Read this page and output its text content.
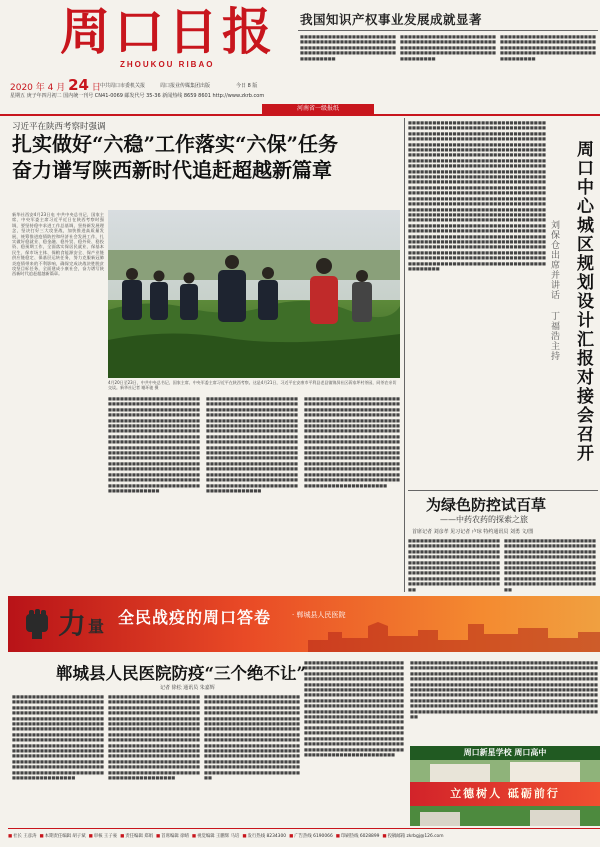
周口日报
ZHOUKOU RIBAO
2020 年 4 月 24 日 中共周口市委机关报	周口报业传媒集团出版	今日 8 版
星期五 庚子年四月初二 国内统一刊号 CN41-0069 邮发代号 35-36 新闻热线 8659 8601 http://www.zkrb.com
河南省一级报纸
我国知识产权事业发展成就显著
■■■■■■■■■■■■■■■■■■■■■■■■■■■■■■■■■■■■■■■■■■■■■■■■■■■■■■■■■■■■■■■■■■■■■■■■■■■■■■■■■■■■■■■■■■■■■■■■■■■■■■■■■
■■■■■■■■■■■■■■■■■■■■■■■■■■■■■■■■■■■■■■■■■■■■■■■■■■■■■■■■■■■■■■■■■■■■■■■■■■■■■■■■■■■■■■■■■■■■■■■■■■■■■■■■■
■■■■■■■■■■■■■■■■■■■■■■■■■■■■■■■■■■■■■■■■■■■■■■■■■■■■■■■■■■■■■■■■■■■■■■■■■■■■■■■■■■■■■■■■■■■■■■■■■■■■■■■■■
习近平在陕西考察时强调
扎实做好“六稳”工作落实“六保”任务
奋力谱写陕西新时代追赶超越新篇章
新华社西安4月23日电 中共中央总书记、国家主席、中央军委主席习近平近日在陕西考察时强调，要坚持稳中求进工作总基调，坚持新发展理念，坚决打好三大攻坚战，加快推进高质量发展，统筹推进疫情防控和经济社会发展工作，扎实做好稳就业、稳金融、稳外贸、稳外资、稳投资、稳预期工作，全面落实保居民就业、保基本民生、保市场主体、保粮食能源安全、保产业链供应链稳定、保基层运转任务，努力克服新冠肺炎疫情带来的不利影响，确保完成决战决胜脱贫攻坚目标任务，全面建成小康社会，奋力谱写陕西新时代追赶超越新篇章。
4月20日至23日，中共中央总书记、国家主席、中央军委主席习近平在陕西考察。这是4月21日，习近平在安康市平利县老县镇锦屏社区蒋家坪村茶园，同茶农亲切交谈。新华社记者 谢环驰 摄
■■■■■■■■■■■■■■■■■■■■■■■■■■■■■■■■■■■■■■■■■■■■■■■■■■■■■■■■■■■■■■■■■■■■■■■■■■■■■■■■■■■■■■■■■■■■■■■■■■■■■■■■■■■■■■■■■■■■■■■■■■■■■■■■■■■■■■■■■■■■■■■■■■■■■■■■■■■■■■■■■■■■■■■■■■■■■■■■■■■■■■■■■■■■■■■■■■■■■■■■■■■■■■■■■■■■■■■■■■■■■■■■■■■■■■■■■■■■■■■■■■■■■■■■■■■■■■■■■■■■■■■■■■■■■■■■■■■■■■■■■■■■■■■■■■■■■■■■■■■■■■■■■■■■■■■■■■■■■■■■■■■■■■■■■■■■■■■■■■■■■■■■■■■■■■■■■■■■■■■■■■■■■■■■■■■■■■■■■■■■■■■■■■■■■■■■■■■■■■■■■■■■
■■■■■■■■■■■■■■■■■■■■■■■■■■■■■■■■■■■■■■■■■■■■■■■■■■■■■■■■■■■■■■■■■■■■■■■■■■■■■■■■■■■■■■■■■■■■■■■■■■■■■■■■■■■■■■■■■■■■■■■■■■■■■■■■■■■■■■■■■■■■■■■■■■■■■■■■■■■■■■■■■■■■■■■■■■■■■■■■■■■■■■■■■■■■■■■■■■■■■■■■■■■■■■■■■■■■■■■■■■■■■■■■■■■■■■■■■■■■■■■■■■■■■■■■■■■■■■■■■■■■■■■■■■■■■■■■■■■■■■■■■■■■■■■■■■■■■■■■■■■■■■■■■■■■■■■■■■■■■■■■■■■■■■■■■■■■■■■■■■■■■■■■■■■■■■■■■■■■■■■■■■■■■■■■■■■■■■■■■■■■■■■■■■■■■■■■■■■■■■■■■■■■■
■■■■■■■■■■■■■■■■■■■■■■■■■■■■■■■■■■■■■■■■■■■■■■■■■■■■■■■■■■■■■■■■■■■■■■■■■■■■■■■■■■■■■■■■■■■■■■■■■■■■■■■■■■■■■■■■■■■■■■■■■■■■■■■■■■■■■■■■■■■■■■■■■■■■■■■■■■■■■■■■■■■■■■■■■■■■■■■■■■■■■■■■■■■■■■■■■■■■■■■■■■■■■■■■■■■■■■■■■■■■■■■■■■■■■■■■■■■■■■■■■■■■■■■■■■■■■■■■■■■■■■■■■■■■■■■■■■■■■■■■■■■■■■■■■■■■■■■■■■■■■■■■■■■■■■■■■■■■■■■■■■■■■■■■■■■■■■■■■■■■■■■■■■■■■■■■■■■■■■■■■■■■■■■■■■■■■■■■■■■■■■■■■■■■■■■■■■■■■■■■■■■■■
■■■■■■■■■■■■■■■■■■■■■■■■■■■■■■■■■■■■■■■■■■■■■■■■■■■■■■■■■■■■■■■■■■■■■■■■■■■■■■■■■■■■■■■■■■■■■■■■■■■■■■■■■■■■■■■■■■■■■■■■■■■■■■■■■■■■■■■■■■■■■■■■■■■■■■■■■■■■■■■■■■■■■■■■■■■■■■■■■■■■■■■■■■■■■■■■■■■■■■■■■■■■■■■■■■■■■■■■■■■■■■■■■■■■■■■■■■■■■■■■■■■■■■■■■■■■■■■■■■■■■■■■■■■■■■■■■■■■■■■■■■■■■■■■■■■■■■■■■■■■■■■■■■■■■■■■■■■■■■■■■■■■■■■■■■■■■■■■■■■■■■■■■■■■■■■■■■■■■■■■■■■■■■■■■■■■■■■■■■■■■■■■■■■■■■■■■■■■■■■■■■■■■■■■■■■■■■■■■■■■■■■■■■■■■■■■■■■■■■■■■■■■■■■■■■■■■■■■■■■■■■■■■■■■■■■■■■■■■■■■■■■■■■■■■■■■■■■■■■■■■■■■■■■■■■■■■■■■■■■■■■■■■■■■■■■■■■■■■■■■■■■■■■■■■■■■■■■■■■■■■■■■■■■■■■■■■■■■■■■■■■■■■■■■■■■■■■■■■■■■■■■■■■■■■■■■■■■■■■■■■■■■■■■■■■■■■■■■■■■■■■■■■■■■■■■■■■■■■■■■■■■■■■■■■■■■■■■■■■■■■■■■■■■■■■■■■■■■■■■■■■■■■■■■■■■■■■■■■■■■■■■■■■■■■■■■■■■■■■■■■■■■■■■■■■■■■■■■■■■■■■■■■■■■■■■■■■■■■■■■■■■■■■■■■■■■■■■■■■■■■■■■■■■■■■■■■■■■■■■■■■■■■■■■■■■■■■■■■■■■■■■■■■■■■■■■■■■■■■■■■■■■■■■■■■■■■■■■■■■■■■■■■■■■■■■■■■■■■■■■■■■■■■■■■■■■■■■■■■■■■■■■■■	周口中心城区规划设计汇报对接会召开
刘保仓出席并讲话 丁福浩主持
为绿色防控试百草
——中药农药的探索之旅
首席记者 刘彦孝 见习记者 卢琼 特约通讯员 刘勇 文/图
■■■■■■■■■■■■■■■■■■■■■■■■■■■■■■■■■■■■■■■■■■■■■■■■■■■■■■■■■■■■■■■■■■■■■■■■■■■■■■■■■■■■■■■■■■■■■■■■■■■■■■■■■■■■■■■■■■■■■■■■■■■■■■■■■■■■■■■■■■■■■■■■■■■■■■■■■■■■■■■■■■■■■■■■■■■■■■■■■■■■■■■■■■■■■■■■■■■■■■■■■■■■■■■■■
■■■■■■■■■■■■■■■■■■■■■■■■■■■■■■■■■■■■■■■■■■■■■■■■■■■■■■■■■■■■■■■■■■■■■■■■■■■■■■■■■■■■■■■■■■■■■■■■■■■■■■■■■■■■■■■■■■■■■■■■■■■■■■■■■■■■■■■■■■■■■■■■■■■■■■■■■■■■■■■■■■■■■■■■■■■■■■■■■■■■■■■■■■■■■■■■■■■■■■■■■■■■■■■■■
力 量 全民战疫的周口答卷	· 郸城县人民医院
郸城县人民医院防疫“三个绝不让”
记者 徐松 通讯员 朱嘉辉
■■■■■■■■■■■■■■■■■■■■■■■■■■■■■■■■■■■■■■■■■■■■■■■■■■■■■■■■■■■■■■■■■■■■■■■■■■■■■■■■■■■■■■■■■■■■■■■■■■■■■■■■■■■■■■■■■■■■■■■■■■■■■■■■■■■■■■■■■■■■■■■■■■■■■■■■■■■■■■■■■■■■■■■■■■■■■■■■■■■■■■■■■■■■■■■■■■■■■■■■■■■■■■■■■■■■■■■■■■■■■■■■■■■■■■■■■■■■■■■■■■■■■■■■■■■■■■■■■■■■■■■■■■■■■■■■■■■■■■■■■■■■■■■■■■■■■■■■■■■■■■■■■■■■■■■■■■■■■■■■■■■■■■■■■■■■■■■■■■■■■■■■■■■■■■■■■■■■■■■■■
■■■■■■■■■■■■■■■■■■■■■■■■■■■■■■■■■■■■■■■■■■■■■■■■■■■■■■■■■■■■■■■■■■■■■■■■■■■■■■■■■■■■■■■■■■■■■■■■■■■■■■■■■■■■■■■■■■■■■■■■■■■■■■■■■■■■■■■■■■■■■■■■■■■■■■■■■■■■■■■■■■■■■■■■■■■■■■■■■■■■■■■■■■■■■■■■■■■■■■■■■■■■■■■■■■■■■■■■■■■■■■■■■■■■■■■■■■■■■■■■■■■■■■■■■■■■■■■■■■■■■■■■■■■■■■■■■■■■■■■■■■■■■■■■■■■■■■■■■■■■■■■■■■■■■■■■■■■■■■■■■■■■■■■■■■■■■■■■■■■■■■■■■■■■■■■■■■■■■■■■■■
■■■■■■■■■■■■■■■■■■■■■■■■■■■■■■■■■■■■■■■■■■■■■■■■■■■■■■■■■■■■■■■■■■■■■■■■■■■■■■■■■■■■■■■■■■■■■■■■■■■■■■■■■■■■■■■■■■■■■■■■■■■■■■■■■■■■■■■■■■■■■■■■■■■■■■■■■■■■■■■■■■■■■■■■■■■■■■■■■■■■■■■■■■■■■■■■■■■■■■■■■■■■■■■■■■■■■■■■■■■■■■■■■■■■■■■■■■■■■■■■■■■■■■■■■■■■■■■■■■■■■■■■■■■■■■■■■■■■■■■■■■■■■■■■■■■■■■■■■■■■■■■■■■■■■■■■■■■■■■■■■■■■■■■■■■■■■■■■■■■■■■■■■■■■■■■■■■■■■■■■■■
■■■■■■■■■■■■■■■■■■■■■■■■■■■■■■■■■■■■■■■■■■■■■■■■■■■■■■■■■■■■■■■■■■■■■■■■■■■■■■■■■■■■■■■■■■■■■■■■■■■■■■■■■■■■■■■■■■■■■■■■■■■■■■■■■■■■■■■■■■■■■■■■■■■■■■■■■■■■■■■■■■■■■■■■■■■■■■■■■■■■■■■■■■■■■■■■■■■■■■■■■■■■■■■■■■■■■■■■■■■■■■■■■■■■■■■■■■■■■■■■■■■■■■■■■■■■■■■■■■■■■■■■■■■■■■■■■■■■■■■■■■■■■■■■■■■■■■■■■■■■■■■■■■■■■■■■■■■■■■■■■■■■■■■■■■■■■■■■■■■■■■■■■■■■■■■■■■■■■■■■■■■■■■■■■■■■■■■■■■■■■■■■■■■■■■■■■■■■■■■■■■■■■■■■■■■■■■■■■■■■■■■■■■■■■■■■■■■■■■■■■■■■■■■■
■■■■■■■■■■■■■■■■■■■■■■■■■■■■■■■■■■■■■■■■■■■■■■■■■■■■■■■■■■■■■■■■■■■■■■■■■■■■■■■■■■■■■■■■■■■■■■■■■■■■■■■■■■■■■■■■■■■■■■■■■■■■■■■■■■■■■■■■■■■■■■■■■■■■■■■■■■■■■■■■■■■■■■■■■■■■■■■■■■■■■■■■■■■■■■■■■■■■■■■■■■■■■■■■■■■■■■■■■■■■■■■■■■■■■■■■■■■■■■■■■■■■■■■■■■■■■■■■■■■■■■■■■■■■■■■■■■■■■■■■■■■■■■■■■■■■■■■■■■■■■■■■■■■■■■■■■■■■■■■■■■■■■■■■■■■■■■■■■■■■■■■■■■■■■■■■■■■■■■■■■■■■■■■■■■■■■■■■■■■■■■■■■■■■■■■■■■■■■■■■■■■■■■■■■■■■■■■■■■■■■■■■■■■■■■■■■■■■■■■■■■■■■■■■■■■■■■■■■■■■■■■■■■■■■■■■
周口新星学校 周口高中
立德树人 砥砺前行
■ 社长 王彦涛	■ 本期责任编辑 胡子斌	■ 审核 王子豪	■ 责任编辑 郑娟	■ 首席编辑 徐晴	■ 视觉编辑 王鹏辉 马培	■ 发行热线 8234300	■ 广告热线 6190066	■ 印刷热线 6028899	■ 投稿邮箱 zkrbgj@126.com
